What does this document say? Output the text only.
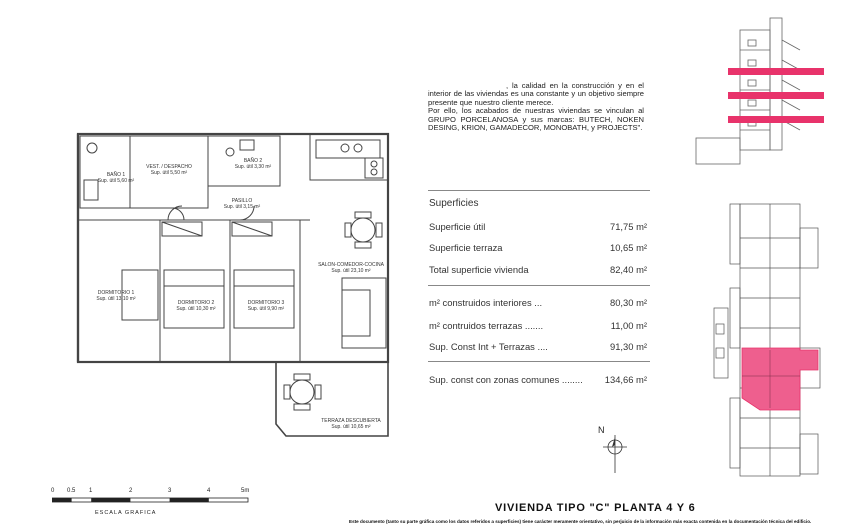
BAÑO 1
Sup. útil 5,60 m²
VEST. / DESPACHO
Sup. útil 5,50 m²
BAÑO 2
Sup. útil 3,30 m²
PASILLO
Sup. útil 3,15 m²
SALON-COMEDOR-COCINA
Sup. útil 23,10 m²
DORMITORIO 1
Sup. útil 13,10 m²
DORMITORIO 2
Sup. útil 10,30 m²
DORMITORIO 3
Sup. útil 9,90 m²
TERRAZA DESCUBIERTA
Sup. útil 10,65 m²

, la calidad en la construcción y en el interior de las viviendas es una constante y un objetivo siempre presente que nuestro cliente merece.

Por ello, los acabados de nuestras viviendas se vinculan al GRUPO PORCELANOSA y sus marcas: BUTECH, NOKEN DESING, KRION, GAMADECOR, MONOBATH, y PROJECTS".

Superficies
Superficie útil	71,75 m²
Superficie terraza	10,65 m²
Total superficie vivienda	82,40 m²
m² construidos interiores ...	80,30 m²
m² contruidos terrazas .......	11,00 m²
Sup. Const Int + Terrazas ....	91,30 m²
Sup. const con zonas comunes ........ 134,66 m²
N
0 0.5 1	2	3	4	5m
ESCALA GRAFICA	VIVIENDA TIPO "C" PLANTA 4 Y 6
Este documento (tanto su parte gráfica como los datos referidos a superficies) tiene carácter meramente orientativo, sin perjuicio de la información más exacta contenida en la documentación técnica del edificio.
